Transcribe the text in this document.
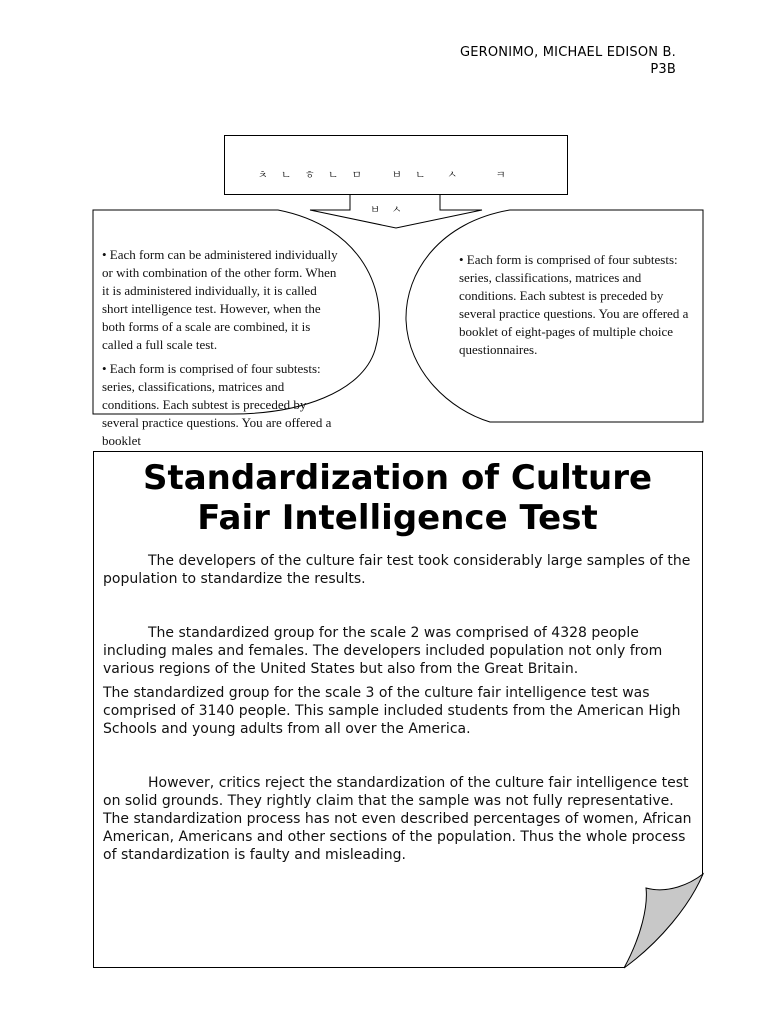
GERONIMO, MICHAEL EDISON B.
P3B

ㅊ ㄴ ㅎ ㄴ ㅁ   ㅂ ㄴ  ㅅ    ㅋ

ㅂ ㅅ

• Each form can be administered individually or with combination of the other form. When it is administered individually, it is called short intelligence test. However, when the both forms of a scale are combined, it is called a full scale test.

• Each form is comprised of four subtests: series, classifications, matrices and conditions. Each subtest is preceded by several practice questions. You are offered a booklet

• Each form is comprised of four subtests: series, classifications, matrices and conditions. Each subtest is preceded by several practice questions. You are offered a booklet of eight-pages of multiple choice questionnaires.

Standardization of Culture Fair Intelligence Test

The developers of the culture fair test took considerably large samples of the population to standardize the results.

The standardized group for the scale 2 was comprised of 4328 people including males and females. The developers included population not only from various regions of the United States but also from the Great Britain.

The standardized group for the scale 3 of the culture fair intelligence test was comprised of 3140 people. This sample included students from the American High Schools and young adults from all over the America.

However, critics reject the standardization of the culture fair intelligence test on solid grounds. They rightly claim that the sample was not fully representative. The standardization process has not even described percentages of women, African American, Americans and other sections of the population. Thus the whole process of standardization is faulty and misleading.
